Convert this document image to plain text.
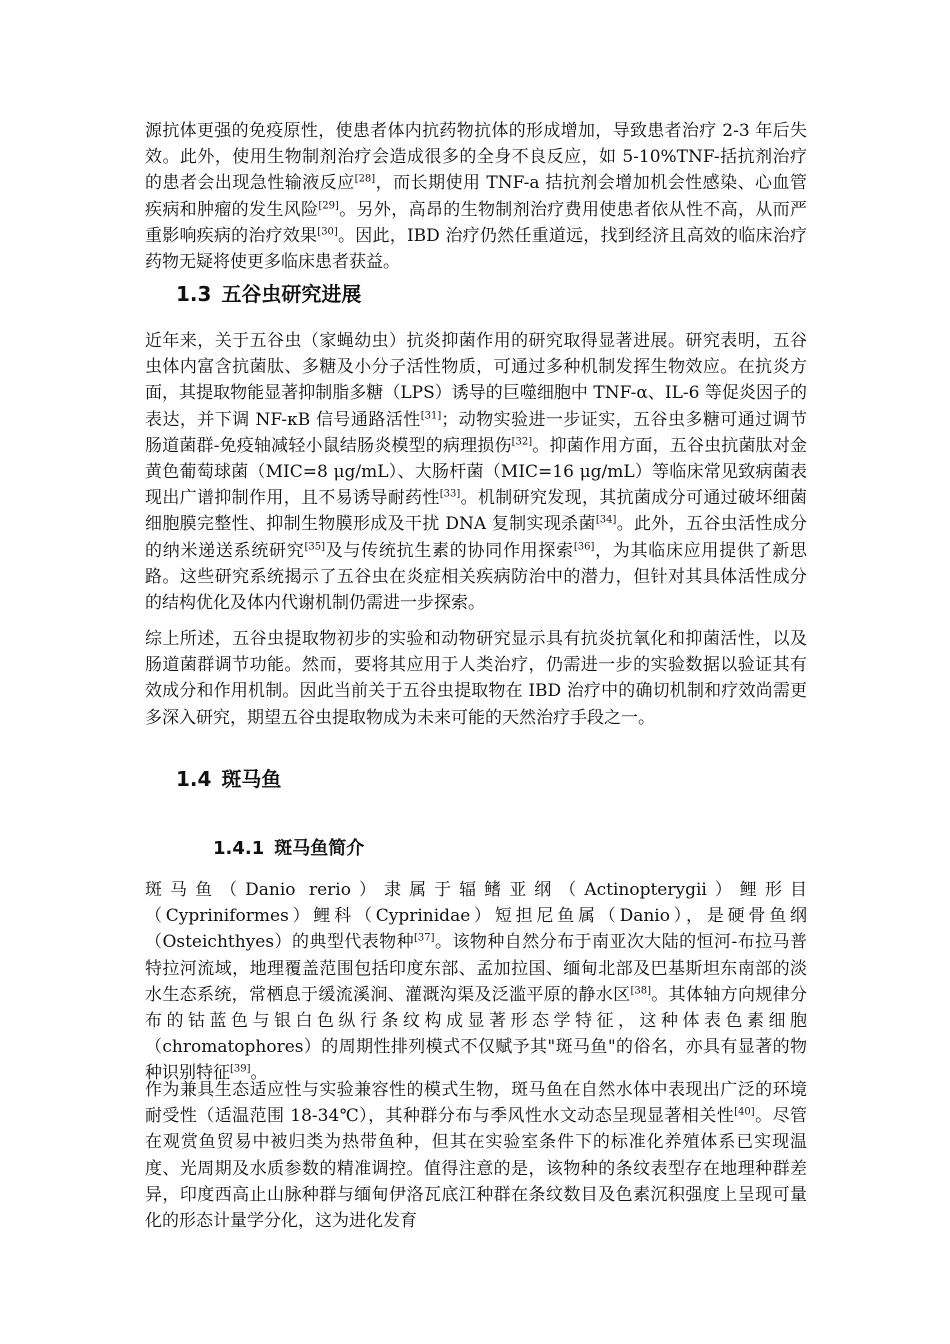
源抗体更强的免疫原性，使患者体内抗药物抗体的形成增加，导致患者治疗 2-3 年后失效。此外，使用生物制剂治疗会造成很多的全身不良反应，如 5-10%TNF-括抗剂治疗的患者会出现急性输液反应[28]，而长期使用 TNF-a 拮抗剂会增加机会性感染、心血管疾病和肿瘤的发生风险[29]。另外，高昂的生物制剂治疗费用使患者依从性不高，从而严重影响疾病的治疗效果[30]。因此，IBD 治疗仍然任重道远，找到经济且高效的临床治疗药物无疑将使更多临床患者获益。

1.3 五谷虫研究进展

近年来，关于五谷虫（家蝇幼虫）抗炎抑菌作用的研究取得显著进展。研究表明，五谷虫体内富含抗菌肽、多糖及小分子活性物质，可通过多种机制发挥生物效应。在抗炎方面，其提取物能显著抑制脂多糖（LPS）诱导的巨噬细胞中 TNF-α、IL-6 等促炎因子的表达，并下调 NF-κB 信号通路活性[31]；动物实验进一步证实，五谷虫多糖可通过调节肠道菌群-免疫轴减轻小鼠结肠炎模型的病理损伤[32]。抑菌作用方面，五谷虫抗菌肽对金黄色葡萄球菌（MIC=8 μg/mL）、大肠杆菌（MIC=16 μg/mL）等临床常见致病菌表现出广谱抑制作用，且不易诱导耐药性[33]。机制研究发现，其抗菌成分可通过破坏细菌细胞膜完整性、抑制生物膜形成及干扰 DNA 复制实现杀菌[34]。此外，五谷虫活性成分的纳米递送系统研究[35]及与传统抗生素的协同作用探索[36]，为其临床应用提供了新思路。这些研究系统揭示了五谷虫在炎症相关疾病防治中的潜力，但针对其具体活性成分的结构优化及体内代谢机制仍需进一步探索。

综上所述，五谷虫提取物初步的实验和动物研究显示具有抗炎抗氧化和抑菌活性，以及肠道菌群调节功能。然而，要将其应用于人类治疗，仍需进一步的实验数据以验证其有效成分和作用机制。因此当前关于五谷虫提取物在 IBD 治疗中的确切机制和疗效尚需更多深入研究，期望五谷虫提取物成为未来可能的天然治疗手段之一。

1.4 斑马鱼
1.4.1 斑马鱼简介

斑马鱼（Danio rerio）隶属于辐鳍亚纲（Actinopterygii）鲤形目
（Cypriniformes）鲤科（Cyprinidae）短担尼鱼属（Danio），是硬骨鱼纲
（Osteichthyes）的典型代表物种[37]。该物种自然分布于南亚次大陆的恒河-布拉马普特拉河流域，地理覆盖范围包括印度东部、孟加拉国、缅甸北部及巴基斯坦东南部的淡水生态系统，常栖息于缓流溪涧、灌溉沟渠及泛滥平原的静水区[38]。其体轴方向规律分布的钴蓝色与银白色纵行条纹构成显著形态学特征，这种体表色素细胞（chromatophores）的周期性排列模式不仅赋予其"斑马鱼"的俗名，亦具有显著的物种识别特征[39]。

作为兼具生态适应性与实验兼容性的模式生物，斑马鱼在自然水体中表现出广泛的环境耐受性（适温范围 18-34℃），其种群分布与季风性水文动态呈现显著相关性[40]。尽管在观赏鱼贸易中被归类为热带鱼种，但其在实验室条件下的标准化养殖体系已实现温度、光周期及水质参数的精准调控。值得注意的是，该物种的条纹表型存在地理种群差异，印度西高止山脉种群与缅甸伊洛瓦底江种群在条纹数目及色素沉积强度上呈现可量化的形态计量学分化，这为进化发育
